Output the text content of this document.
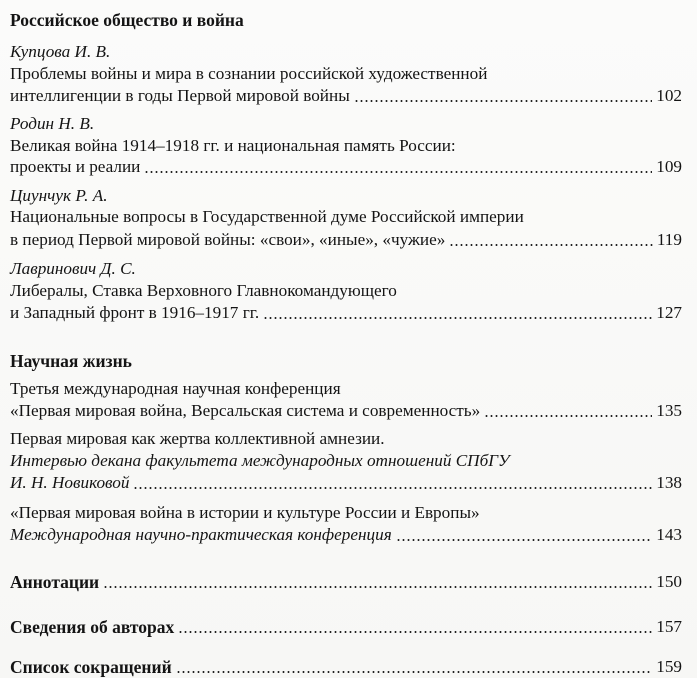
Российское общество и война
Купцова И. В.
Проблемы войны и мира в сознании российской художественной
интеллигенции в годы Первой мировой войны	102
Родин Н. В.
Великая война 1914–1918 гг. и национальная память России:
проекты и реалии	109
Циунчук Р. А.
Национальные вопросы в Государственной думе Российской империи
в период Первой мировой войны: «свои», «иные», «чужие»	119
Лавринович Д. С.
Либералы, Ставка Верховного Главнокомандующего
и Западный фронт в 1916–1917 гг.	127
Научная жизнь
Третья международная научная конференция
«Первая мировая война, Версальская система и современность»	135
Первая мировая как жертва коллективной амнезии.
Интервью декана факультета международных отношений СПбГУ
И. Н. Новиковой	138
«Первая мировая война в истории и культуре России и Европы»
Международная научно-практическая конференция	143
Аннотации	150
Сведения об авторах	157
Список сокращений	159
